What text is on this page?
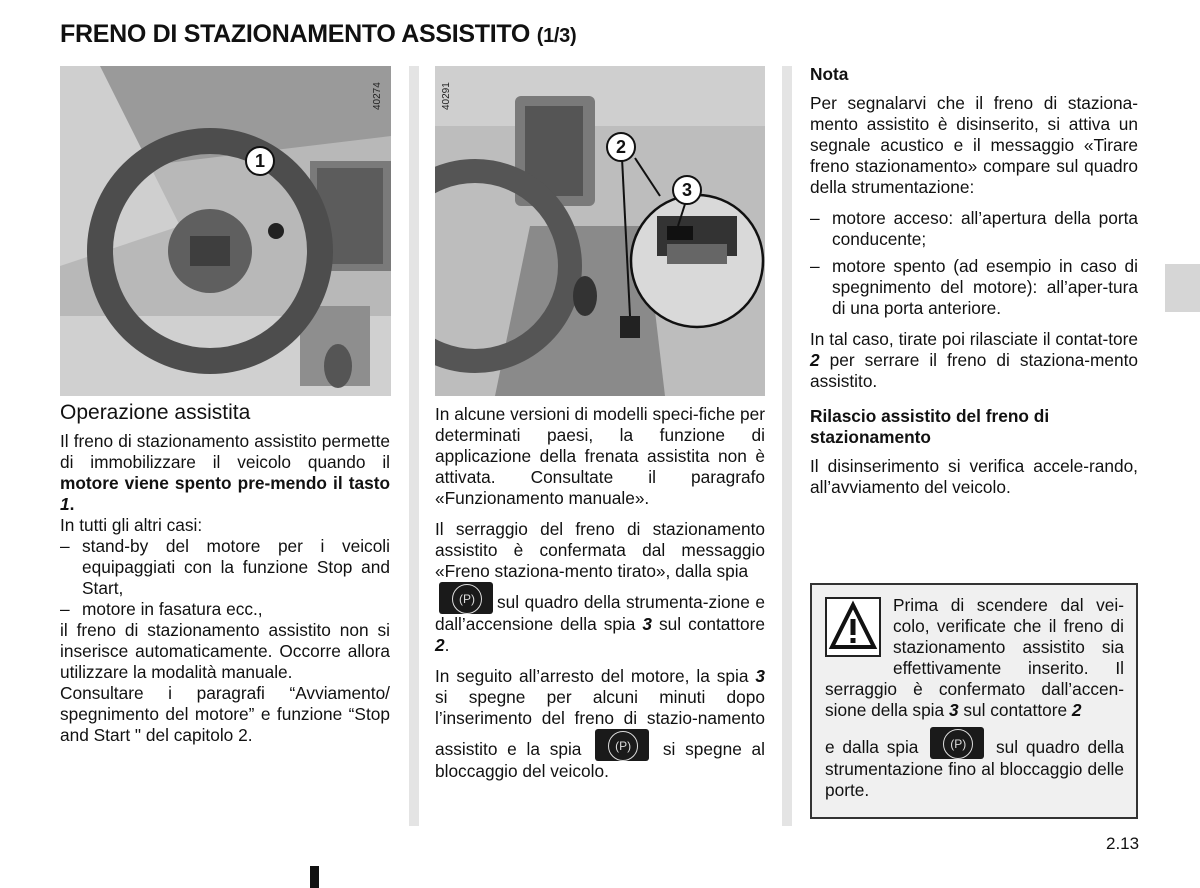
FRENO DI STAZIONAMENTO ASSISTITO (1/3)
1
40274
2
3
40291
Operazione assistita

Il freno di stazionamento assistito permette di immobilizzare il veicolo quando il motore viene spento pre-mendo il tasto 1.

In tutti gli altri casi:

– stand-by del motore per i veicoli equipaggiati con la funzione Stop and Start,
– motore in fasatura ecc.,

il freno di stazionamento assistito non si inserisce automaticamente. Occorre allora utilizzare la modalità manuale.

Consultare i paragrafi “Avviamento/ spegnimento del motore” e funzione “Stop and Start " del capitolo 2.

In alcune versioni di modelli speci-fiche per determinati paesi, la funzione di applicazione della frenata assistita non è attivata. Consultate il paragrafo «Funzionamento manuale».

Il serraggio del freno di stazionamento assistito è confermata dal messaggio «Freno staziona-mento tirato», dalla spia

(P)	sul quadro della strumenta-zione e dall’accensione della spia 3 sul contattore 2.

In seguito all’arresto del motore, la spia 3 si spegne per alcuni minuti dopo l’inserimento del freno di stazio-namento assistito e la spia	(P)	si spegne al bloccaggio del veicolo.

Nota

Per segnalarvi che il freno di staziona-mento assistito è disinserito, si attiva un segnale acustico e il messaggio «Tirare freno stazionamento» compare sul quadro della strumentazione:

– motore acceso: all’apertura della porta conducente;
– motore spento (ad esempio in caso di spegnimento del motore): all’aper-tura di una porta anteriore.

In tal caso, tirate poi rilasciate il contat-tore 2 per serrare il freno di staziona-mento assistito.

Rilascio assistito del freno di stazionamento

Il disinserimento si verifica accele-rando, all’avviamento del veicolo.

Prima di scendere dal vei-colo, verificate che il freno di stazionamento assistito sia effettivamente inserito. Il serraggio è confermato dall’accen-sione della spia 3 sul contattore 2
e dalla spia	(P)	sul quadro della strumentazione fino al bloccaggio delle porte.
2.13
